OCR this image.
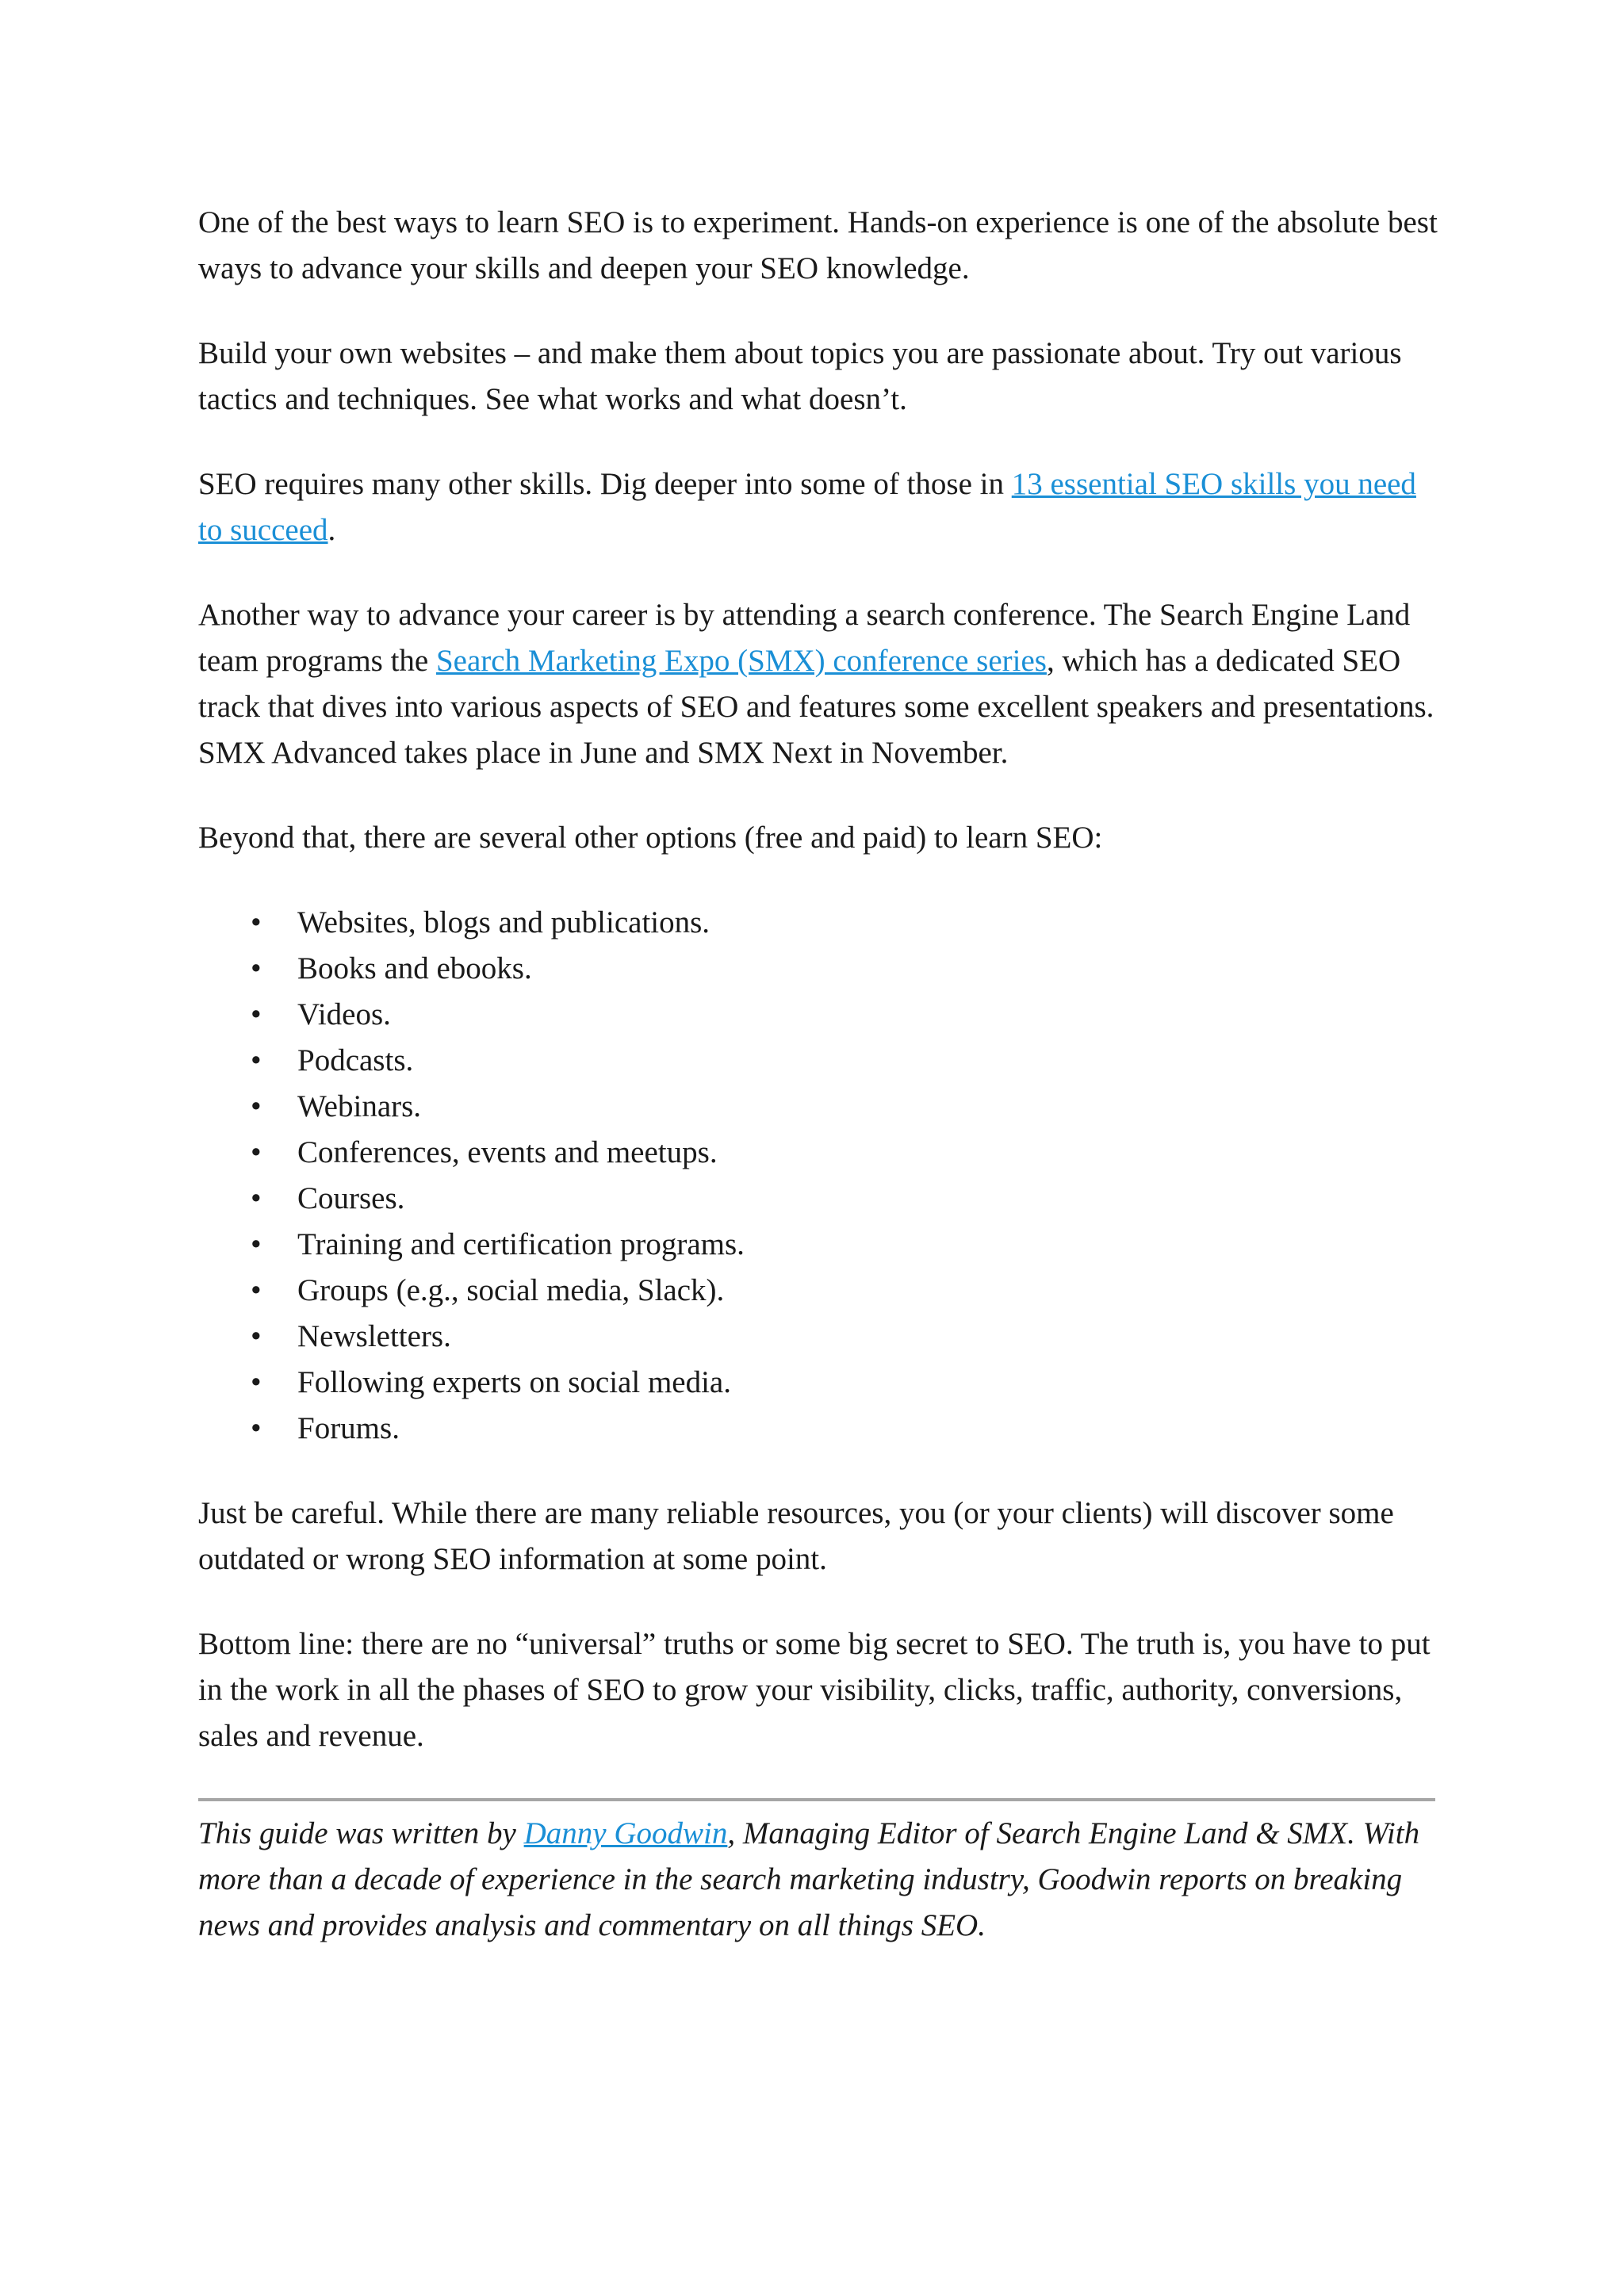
One of the best ways to learn SEO is to experiment. Hands-on experience is one of the absolute best ways to advance your skills and deepen your SEO knowledge.

Build your own websites – and make them about topics you are passionate about. Try out various tactics and techniques. See what works and what doesn’t.

SEO requires many other skills. Dig deeper into some of those in 13 essential SEO skills you need to succeed.

Another way to advance your career is by attending a search conference. The Search Engine Land team programs the Search Marketing Expo (SMX) conference series, which has a dedicated SEO track that dives into various aspects of SEO and features some excellent speakers and presentations. SMX Advanced takes place in June and SMX Next in November.

Beyond that, there are several other options (free and paid) to learn SEO:

• Websites, blogs and publications.
• Books and ebooks.
• Videos.
• Podcasts.
• Webinars.
• Conferences, events and meetups.
• Courses.
• Training and certification programs.
• Groups (e.g., social media, Slack).
• Newsletters.
• Following experts on social media.
• Forums.

Just be careful. While there are many reliable resources, you (or your clients) will discover some outdated or wrong SEO information at some point.

Bottom line: there are no “universal” truths or some big secret to SEO. The truth is, you have to put in the work in all the phases of SEO to grow your visibility, clicks, traffic, authority, conversions, sales and revenue.

This guide was written by Danny Goodwin, Managing Editor of Search Engine Land & SMX. With more than a decade of experience in the search marketing industry, Goodwin reports on breaking news and provides analysis and commentary on all things SEO.
